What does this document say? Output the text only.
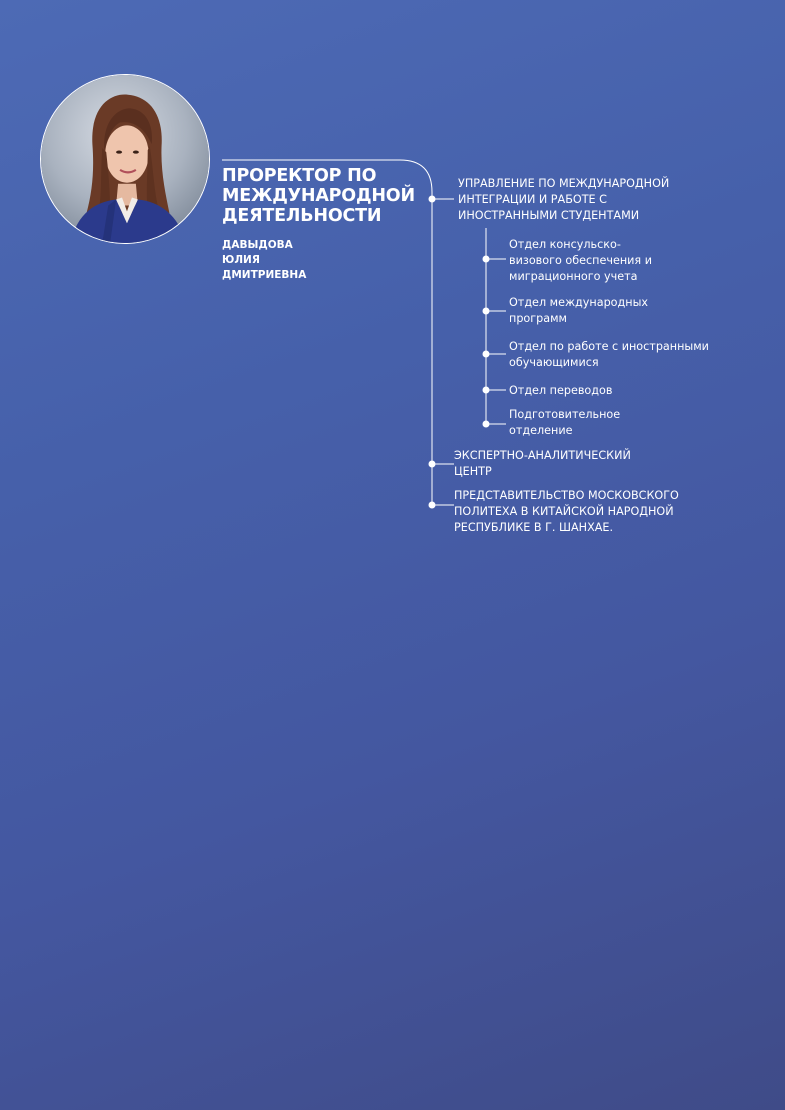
ПРОРЕКТОР ПО МЕЖДУНАРОДНОЙ ДЕЯТЕЛЬНОСТИ
ДАВЫДОВА
ЮЛИЯ
ДМИТРИЕВНА
УПРАВЛЕНИЕ ПО МЕЖДУНАРОДНОЙ ИНТЕГРАЦИИ И РАБОТЕ С ИНОСТРАННЫМИ СТУДЕНТАМИ
Отдел консульско-визового обеспечения и миграционного учета
Отдел международных программ
Отдел по работе с иностранными обучающимися
Отдел переводов
Подготовительное отделение
ЭКСПЕРТНО-АНАЛИТИЧЕСКИЙ ЦЕНТР
ПРЕДСТАВИТЕЛЬСТВО МОСКОВСКОГО ПОЛИТЕХА В КИТАЙСКОЙ НАРОДНОЙ РЕСПУБЛИКЕ В Г. ШАНХАЕ.
